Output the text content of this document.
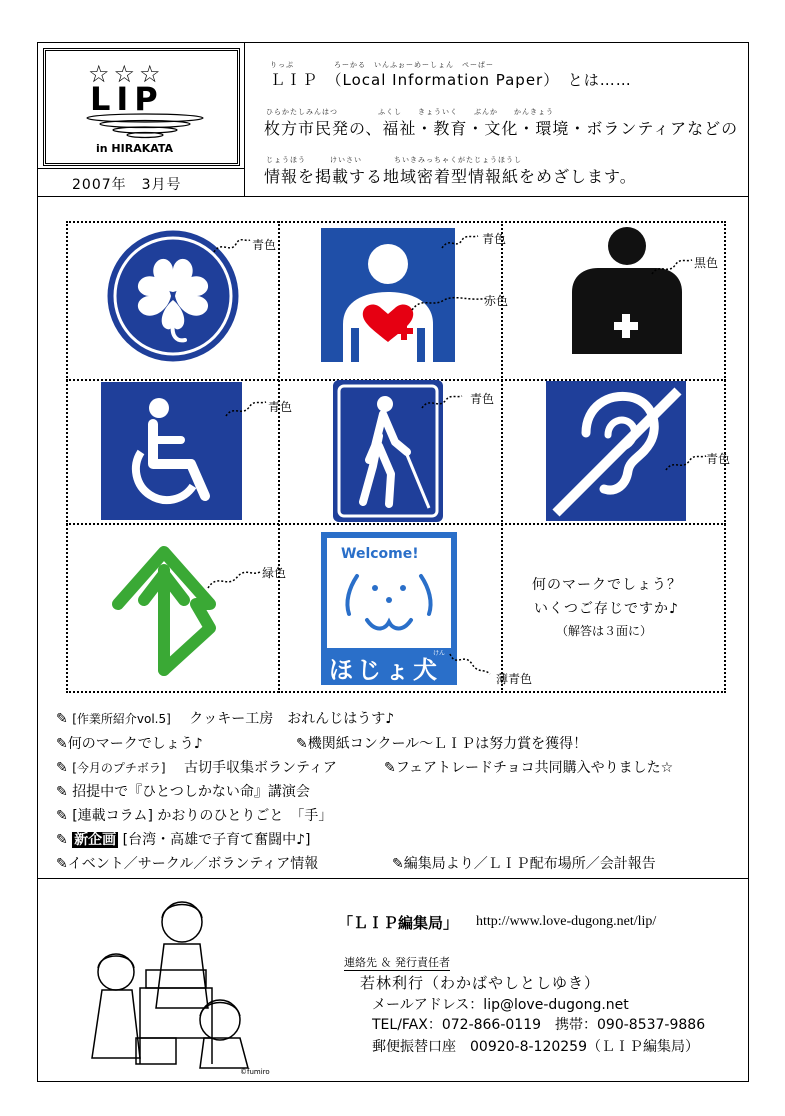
☆☆☆
LIP
in HIRAKATA
2007年　3月号
りっぷ　　　　　ろーかる　いんふぉーめーしょん　ぺーぱー
ＬＩＰ　（Local Information Paper）　とは……
ひらかたしみんはつ　　　　　ふくし　　きょういく　　ぶんか　　かんきょう
枚方市民発の、福祉・教育・文化・環境・ボランティアなどの
じょうほう　　　けいさい　　　　ちいきみっちゃくがたじょうほうし
情報を掲載する地域密着型情報紙をめざします。
青色	青色
赤色
黒色
青色
青色
青色
緑色
Welcome!
ほじょ犬
けん
薄青色
何のマークでしょう？
いくつご存じですか♪
（解答は３面に）
✎ [作業所紹介vol.5]　 クッキー工房　おれんじはうす♪
✎何のマークでしょう♪	✎機関紙コンクール～ＬＩＰは努力賞を獲得！
✎ [今月のプチボラ]　 古切手収集ボランティア	✎フェアトレードチョコ共同購入やりました☆
✎ 招提中で『ひとつしかない命』講演会
✎ [連載コラム] かおりのひとりごと　「手」
✎ 新企画 [台湾・高雄で子育て奮闘中♪]
✎イベント／サークル／ボランティア情報	✎編集局より／ＬＩＰ配布場所／会計報告
©fumiro
「ＬＩＰ編集局」 http://www.love-dugong.net/lip/
連絡先 ＆ 発行責任者
若林利行（わかばやしとしゆき）
メールアドレス：lip@love-dugong.net
TEL/FAX：072-866-0119　携帯：090-8537-9886
郵便振替口座　00920-8-120259（ＬＩＰ編集局）
